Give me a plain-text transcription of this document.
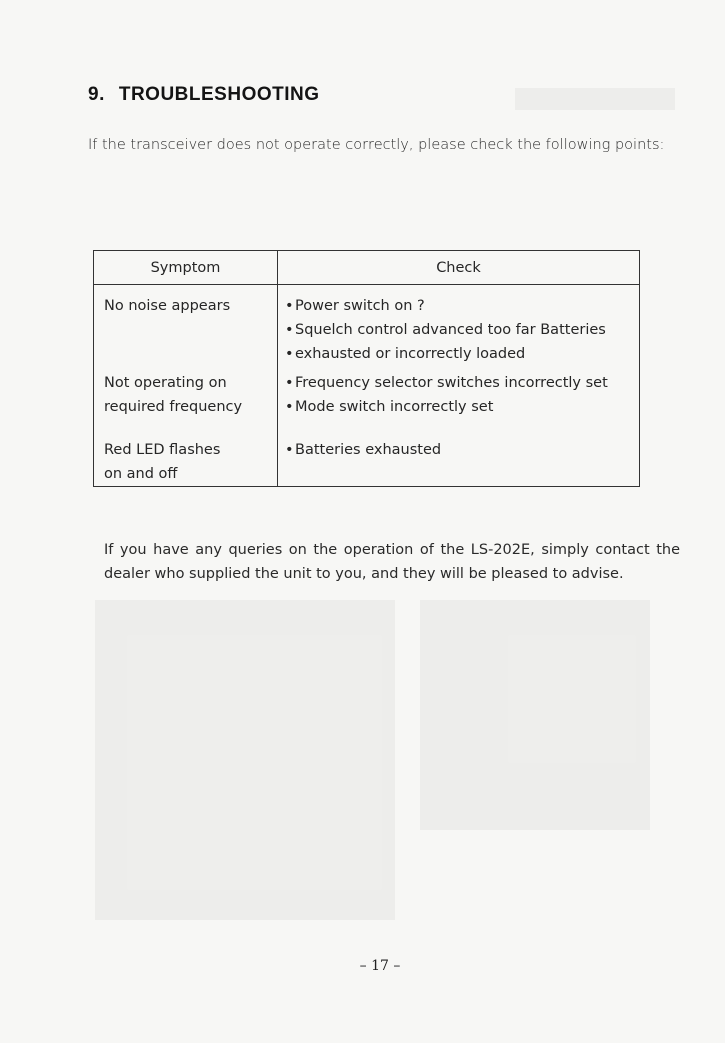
9. TROUBLESHOOTING

If the transceiver does not operate correctly, please check the following points:

Symptom	Check

No noise appears	•Power switch on ?
•Squelch control advanced too far Batteries
•exhausted or incorrectly loaded

Not operating on
required frequency	•Frequency selector switches incorrectly set
•Mode switch incorrectly set

Red LED flashes
on and off	•Batteries exhausted

If you have any queries on the operation of the LS-202E, simply contact the dealer who supplied the unit to you, and they will be pleased to advise.

– 17 –
